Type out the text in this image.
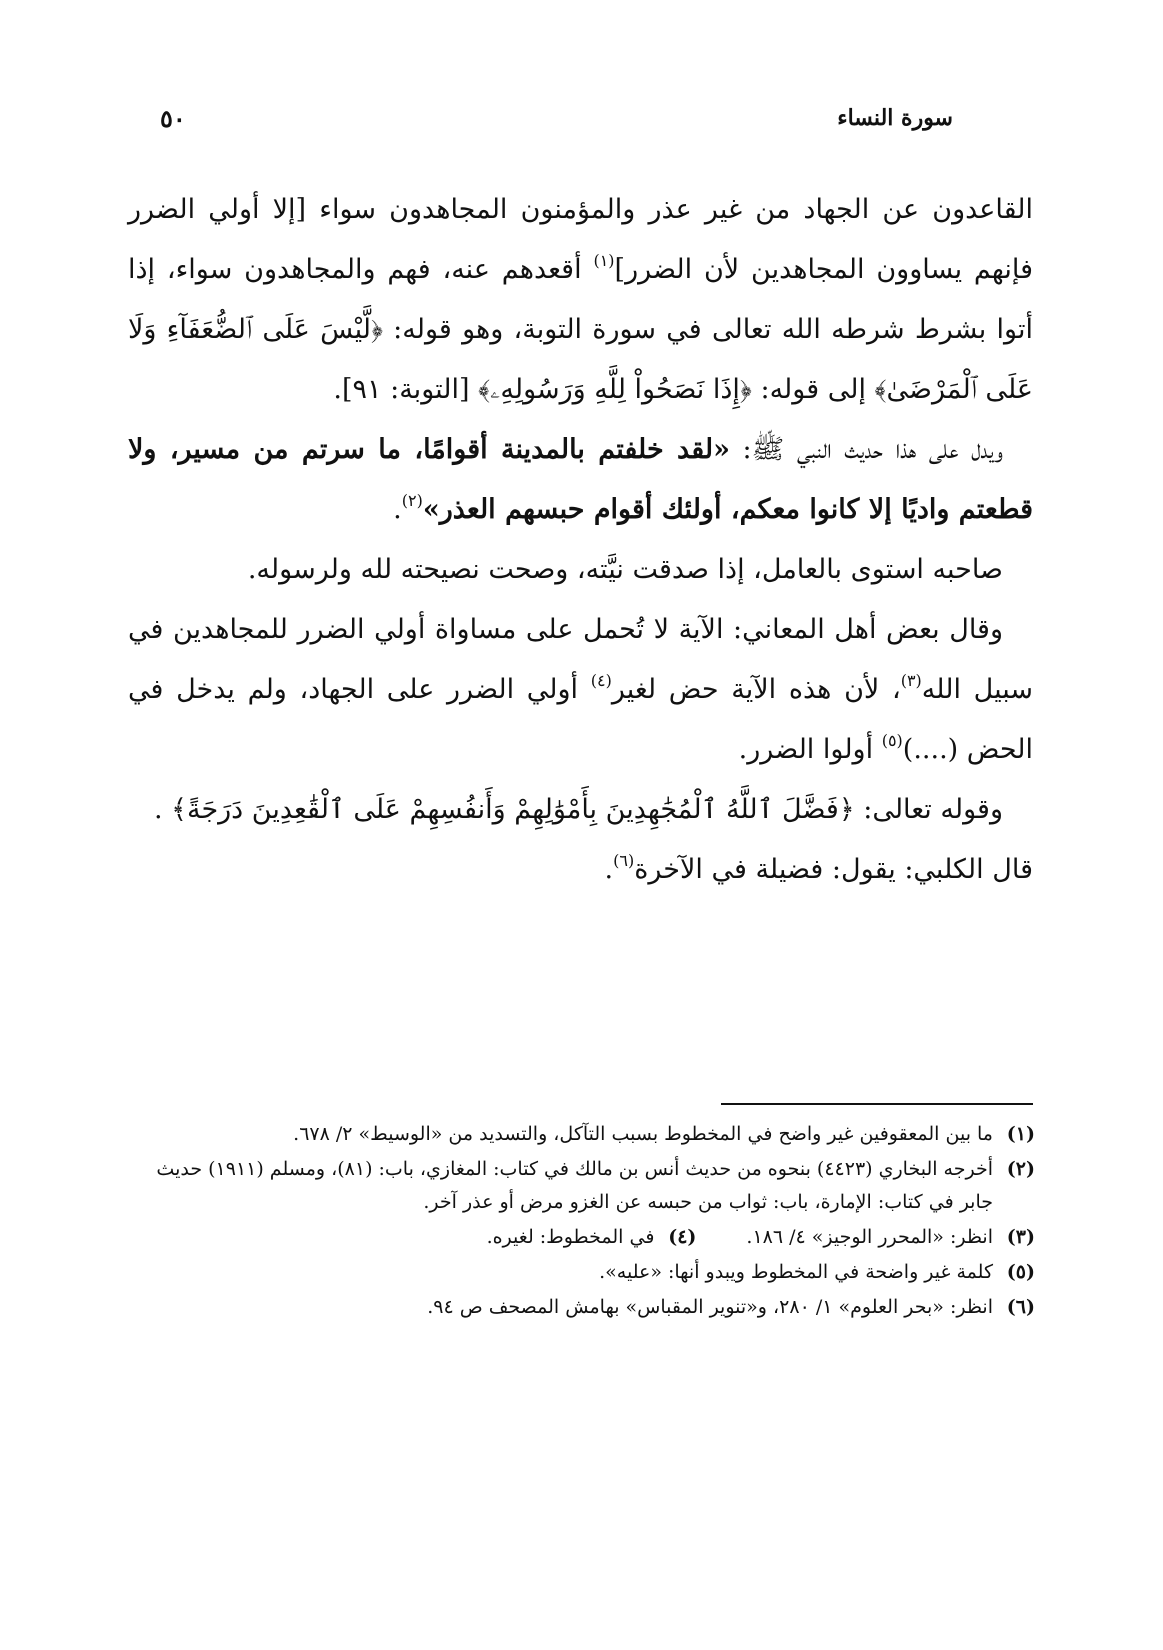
سورة النساء
٥٠

القاعدون عن الجهاد من غير عذر والمؤمنون المجاهدون سواء [إلا أولي الضرر فإنهم يساوون المجاهدين لأن الضرر]$^{(١)}$ أقعدهم عنه، فهم والمجاهدون سواء، إذا أتوا بشرط شرطه الله تعالى في سورة التوبة، وهو قوله: ﴿لَّيْسَ عَلَى ٱلضُّعَفَآءِ وَلَا عَلَى ٱلْمَرْضَىٰ﴾ إلى قوله: ﴿إِذَا نَصَحُواْ لِلَّهِ وَرَسُولِهِۦ﴾ [التوبة: ٩١].

ويدل على هذا حديث النبي ﷺ: «لقد خلفتم بالمدينة أقوامًا، ما سرتم من مسير، ولا قطعتم واديًا إلا كانوا معكم، أولئك أقوام حبسهم العذر»$^{(٢)}$.

صاحبه استوى بالعامل، إذا صدقت نيَّته، وصحت نصيحته لله ولرسوله.

وقال بعض أهل المعاني: الآية لا تُحمل على مساواة أولي الضرر للمجاهدين في سبيل الله$^{(٣)}$، لأن هذه الآية حض لغير$^{(٤)}$ أولي الضرر على الجهاد، ولم يدخل في الحض (....)$^{(٥)}$ أولوا الضرر.

وقوله تعالى: ﴿فَضَّلَ ٱللَّهُ ٱلْمُجَٰهِدِينَ بِأَمْوَٰلِهِمْ وَأَنفُسِهِمْ عَلَى ٱلْقَٰعِدِينَ دَرَجَةً﴾ .

قال الكلبي: يقول: فضيلة في الآخرة$^{(٦)}$.

(١)
ما بين المعقوفين غير واضح في المخطوط بسبب التآكل، والتسديد من «الوسيط» ٢/ ٦٧٨.
(٢)
أخرجه البخاري (٤٤٢٣) بنحوه من حديث أنس بن مالك في كتاب: المغازي، باب: (٨١)، ومسلم (١٩١١) حديث جابر في كتاب: الإمارة، باب: ثواب من حبسه عن الغزو مرض أو عذر آخر.
(٣)
انظر: «المحرر الوجيز» ٤/ ١٨٦.
(٤)
في المخطوط: لغيره.
(٥)
كلمة غير واضحة في المخطوط ويبدو أنها: «عليه».
(٦)
انظر: «بحر العلوم» ١/ ٢٨٠، و«تنوير المقباس» بهامش المصحف ص ٩٤.
